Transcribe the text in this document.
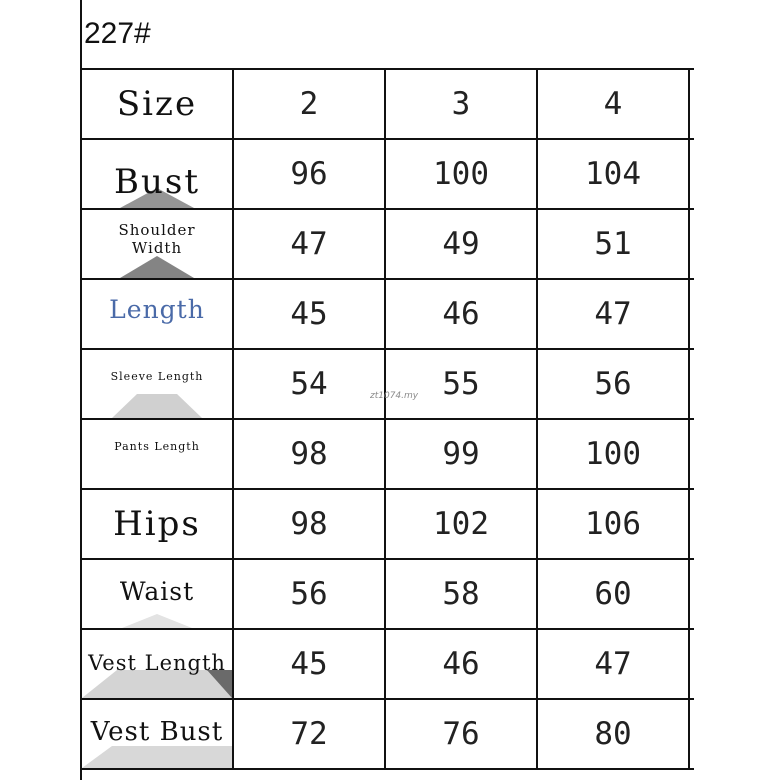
227#
Size	2	3	4	

Bust	96	100	104	

Shoulder
Width	47	49	51	
Length	45	46	47	

$^{Sleeve Length}$	54	55	56	
$^{Pants Length}$	98	99	100	
Hips	98	102	106	

Waist	56	58	60	

Vest Length	45	46	47	

Vest Bust	72	76	80	
zt1074.my
